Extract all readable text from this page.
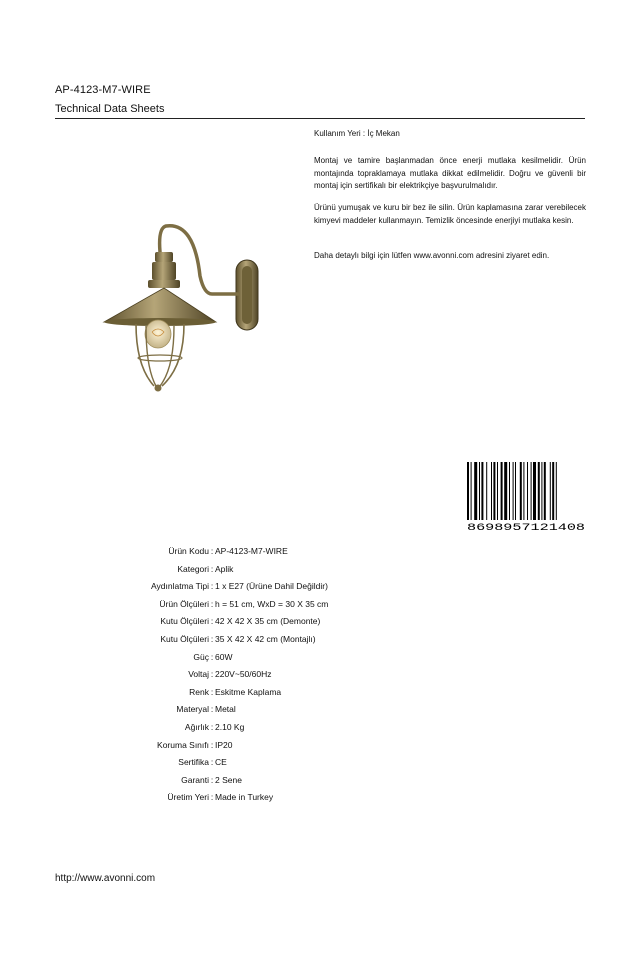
AP-4123-M7-WIRE
Technical Data Sheets
Kullanım Yeri : İç Mekan
Montaj ve tamire başlanmadan önce enerji mutlaka kesilmelidir. Ürün montajında topraklamaya mutlaka dikkat edilmelidir. Doğru ve güvenli bir montaj için sertifikalı bir elektrikçiye başvurulmalıdır.
Ürünü yumuşak ve kuru bir bez ile silin. Ürün kaplamasına zarar verebilecek kimyevi maddeler kullanmayın. Temizlik öncesinde enerjiyi mutlaka kesin.
Daha detaylı bilgi için lütfen www.avonni.com adresini ziyaret edin.
8698957121408
Ürün Kodu : AP-4123-M7-WIRE
Kategori : Aplik
Aydınlatma Tipi : 1 x E27 (Ürüne Dahil Değildir)
Ürün Ölçüleri : h = 51 cm, WxD = 30 X 35 cm
Kutu Ölçüleri : 42 X 42 X 35 cm (Demonte)
Kutu Ölçüleri : 35 X 42 X 42 cm (Montajlı)
Güç : 60W
Voltaj : 220V~50/60Hz
Renk : Eskitme Kaplama
Materyal : Metal
Ağırlık : 2.10 Kg
Koruma Sınıfı : IP20
Sertifika : CE
Garanti : 2 Sene
Üretim Yeri : Made in Turkey
http://www.avonni.com
